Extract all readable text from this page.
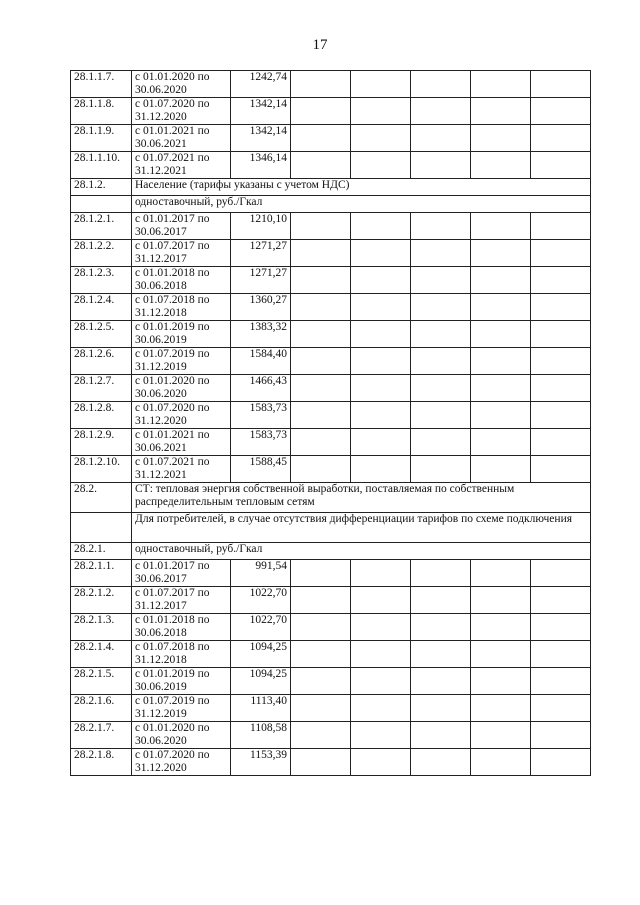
17
28.1.1.7.	с 01.01.2020 по 30.06.2020	1242,74					
28.1.1.8.	с 01.07.2020 по 31.12.2020	1342,14					
28.1.1.9.	с 01.01.2021 по 30.06.2021	1342,14					
28.1.1.10.	с 01.07.2021 по 31.12.2021	1346,14					
28.1.2.	Население (тарифы указаны с учетом НДС)						
	одноставочный, руб./Гкал						
28.1.2.1.	с 01.01.2017 по 30.06.2017	1210,10					
28.1.2.2.	с 01.07.2017 по 31.12.2017	1271,27					
28.1.2.3.	с 01.01.2018 по 30.06.2018	1271,27					
28.1.2.4.	с 01.07.2018 по 31.12.2018	1360,27					
28.1.2.5.	с 01.01.2019 по 30.06.2019	1383,32					
28.1.2.6.	с 01.07.2019 по 31.12.2019	1584,40					
28.1.2.7.	с 01.01.2020 по 30.06.2020	1466,43					
28.1.2.8.	с 01.07.2020 по 31.12.2020	1583,73					
28.1.2.9.	с 01.01.2021 по 30.06.2021	1583,73					
28.1.2.10.	с 01.07.2021 по 31.12.2021	1588,45					
28.2.	СТ: тепловая энергия собственной выработки, поставляемая по собственным распределительным тепловым сетям						
	Для потребителей, в случае отсутствия дифференциации тарифов по схеме подключения						
28.2.1.	одноставочный, руб./Гкал						
28.2.1.1.	с 01.01.2017 по 30.06.2017	991,54					
28.2.1.2.	с 01.07.2017 по 31.12.2017	1022,70					
28.2.1.3.	с 01.01.2018 по 30.06.2018	1022,70					
28.2.1.4.	с 01.07.2018 по 31.12.2018	1094,25					
28.2.1.5.	с 01.01.2019 по 30.06.2019	1094,25					
28.2.1.6.	с 01.07.2019 по 31.12.2019	1113,40					
28.2.1.7.	с 01.01.2020 по 30.06.2020	1108,58					
28.2.1.8.	с 01.07.2020 по 31.12.2020	1153,39					
